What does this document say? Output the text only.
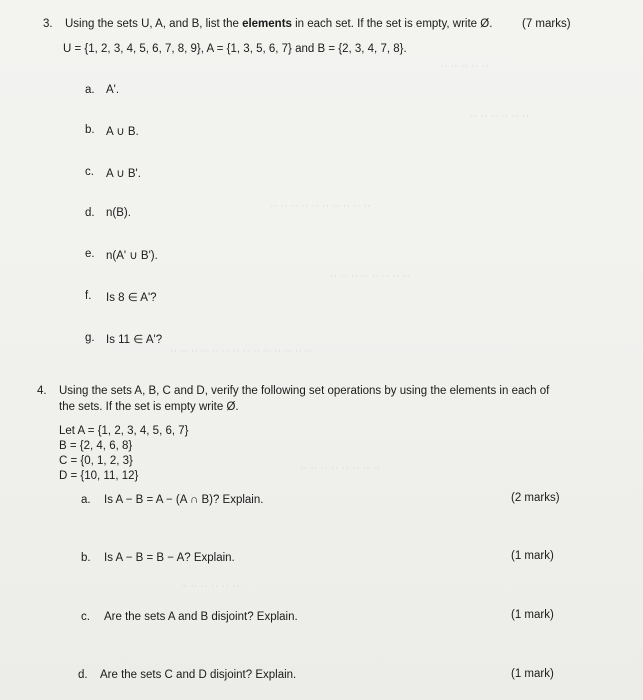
·· ·· ·· ·· ··
·· ·· ·· ·· ·· ··
·· ·· ·· ·· ·· ·· ·· ·· ·· ··
·· ·· ·· ·· ·· ·· ·· ··
·· ·· ·· ·· ·· ·· ·· ·· ·· ·· ·· ·· ·· ··
·· ·· ·· ·· ·· ·· ·· ··
·· ·· ·· ·· ·· ··
3. Using the sets U, A, and B, list the elements in each set. If the set is empty, write Ø.	(7 marks)
U = {1, 2, 3, 4, 5, 6, 7, 8, 9}, A = {1, 3, 5, 6, 7} and B = {2, 3, 4, 7, 8}.
a. A'.
b. A ∪ B.
c. A ∪ B'.
d. n(B).
e. n(A' ∪ B').
f. Is 8 ∈ A'?
g. Is 11 ∈ A'?
4. Using the sets A, B, C and D, verify the following set operations by using the elements in each of
the sets. If the set is empty write Ø.
Let A = {1, 2, 3, 4, 5, 6, 7}
B = {2, 4, 6, 8}
C = {0, 1, 2, 3}
D = {10, 11, 12}
a. Is A − B = A − (A ∩ B)? Explain.	(2 marks)
b. Is A − B = B − A? Explain.	(1 mark)
c. Are the sets A and B disjoint? Explain.	(1 mark)
d. Are the sets C and D disjoint? Explain.	(1 mark)
